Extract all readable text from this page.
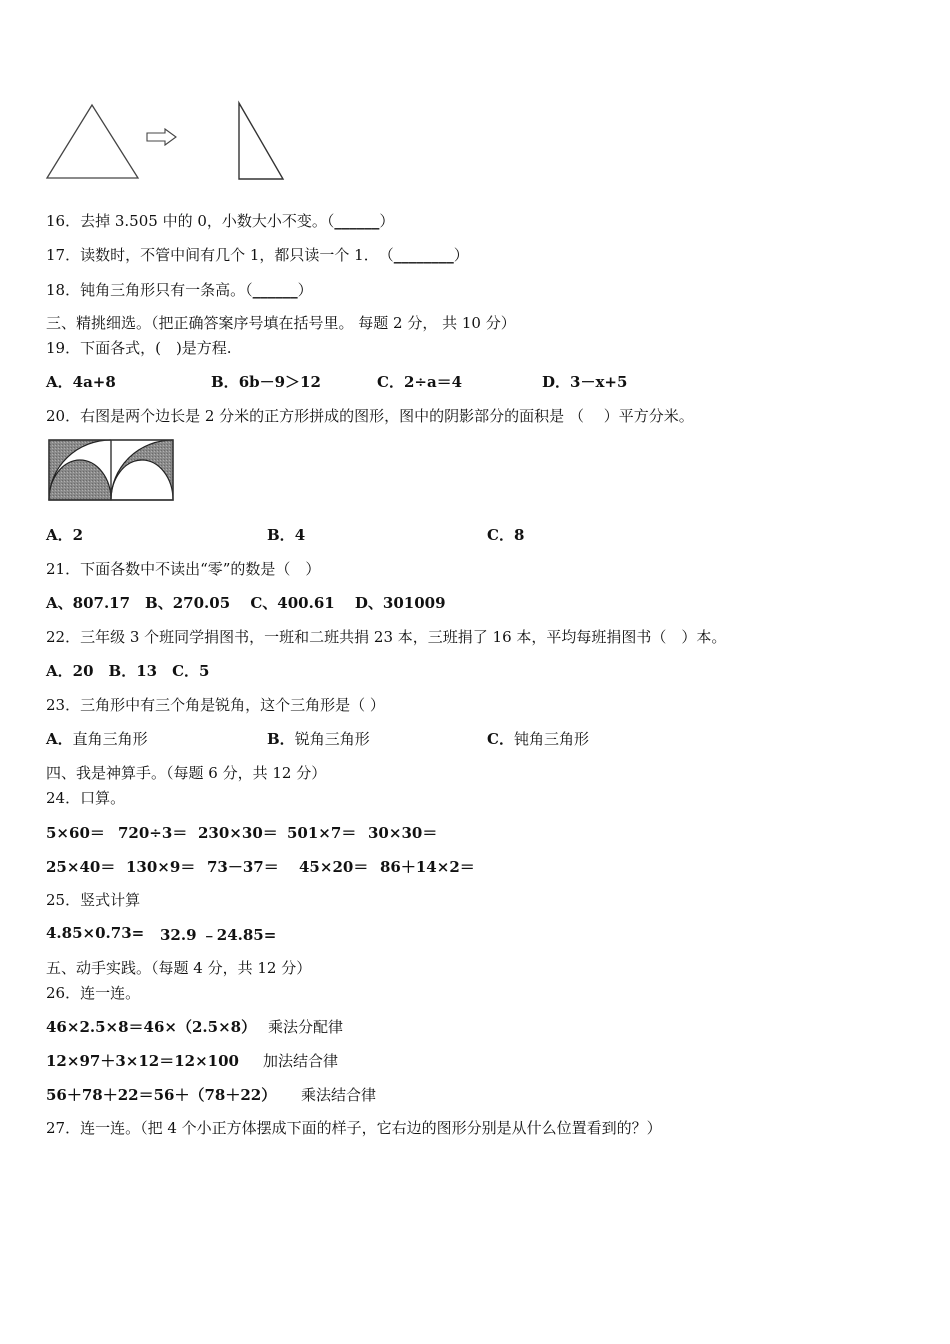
16．去掉 3.505 中的 0，小数大小不变。（______）
17．读数时，不管中间有几个 1，都只读一个 1．　（________）
18．钝角三角形只有一条高。（______）
三、精挑细选。（把正确答案序号填在括号里。 每题 2 分， 共 10 分）
19．下面各式，(　)是方程.
A．4a+8	B．6b－9＞12	C．2÷a＝4	D．3－x+5
20．右图是两个边长是 2 分米的正方形拼成的图形，图中的阴影部分的面积是 （　 ）平方分米。
A．2	B．4	C．8
21．下面各数中不读出“零”的数是（　）
A、807.17　B、270.05　 C、400.61　 D、301009
22．三年级 3 个班同学捐图书，一班和二班共捐 23 本，三班捐了 16 本，平均每班捐图书（　）本。
A．20　B．13　C．5
23．三角形中有三个角是锐角，这个三角形是（ ）
A．直角三角形	B．锐角三角形	C．钝角三角形
四、我是神算手。（每题 6 分，共 12 分）
24．口算。
5×60＝ 720÷3＝ 230×30＝ 501×7＝ 30×30＝
25×40＝ 130×9＝ 73－37＝ 45×20＝ 86＋14×2＝
25．竖式计算
4.85×0.73= 32.9 ﹣24.85=
五、动手实践。（每题 4 分，共 12 分）
26．连一连。
46×2.5×8＝46×（2.5×8） 乘法分配律
12×97＋3×12＝12×100 加法结合律
56＋78＋22＝56＋（78＋22） 乘法结合律
27．连一连。（把 4 个小正方体摆成下面的样子，它右边的图形分别是从什么位置看到的？）
